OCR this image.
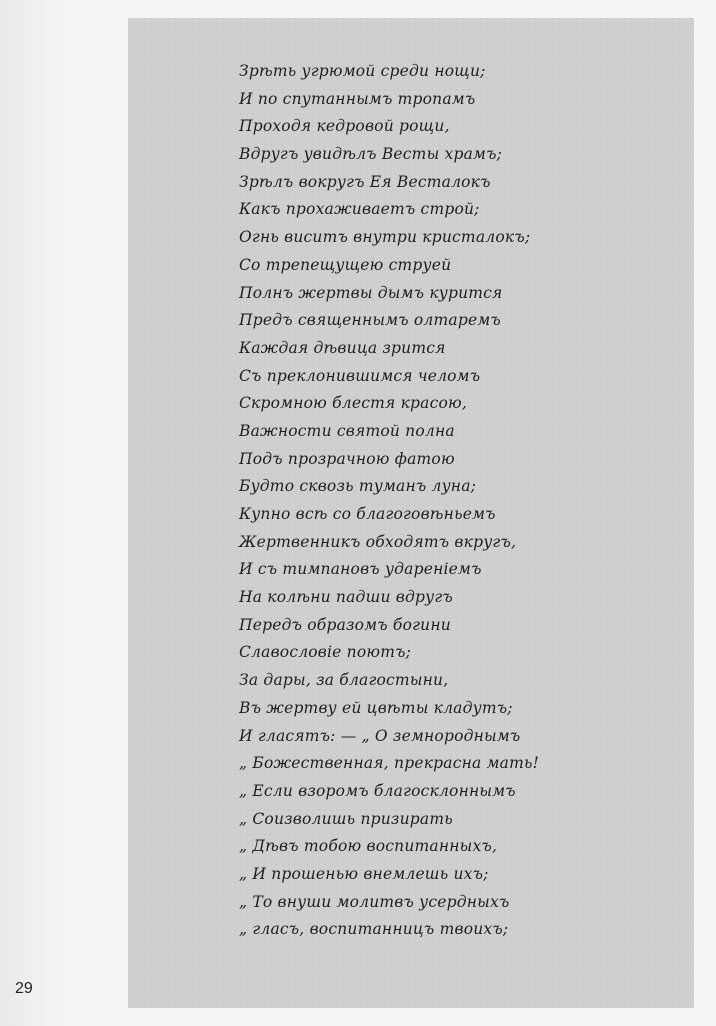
Зрѣть угрюмой среди нощи;
И по спутаннымъ тропамъ
Проходя кедровой рощи,
Вдругъ увидѣлъ Весты храмъ;
Зрѣлъ вокругъ Ея Весталокъ
Какъ прохаживаетъ строй;
Огнь виситъ внутри кристалокъ;
Со трепещущею струей
Полнъ жертвы дымъ курится
Предъ священнымъ олтаремъ
Каждая дѣвица зрится
Съ преклонившимся челомъ
Скромною блестя красою,
Важности святой полна
Подъ прозрачною фатою
Будто сквозь туманъ луна;
Купно всѣ со благоговѣньемъ
Жертвенникъ обходятъ вкругъ,
И съ тимпановъ ударенiемъ
На колѣни падши вдругъ
Передъ образомъ богини
Славословiе поютъ;
За дары, за благостыни,
Въ жертву ей цвѣты кладутъ;
И гласятъ: — „ О земнороднымъ
„ Божественная, прекрасна мать!
„ Если взоромъ благосклоннымъ
„ Соизволишь призирать
„ Дѣвъ тобою воспитанныхъ,
„ И прошенью внемлешь ихъ;
„ То внуши молитвъ усердныхъ
„ гласъ, воспитанницъ твоихъ;
29
